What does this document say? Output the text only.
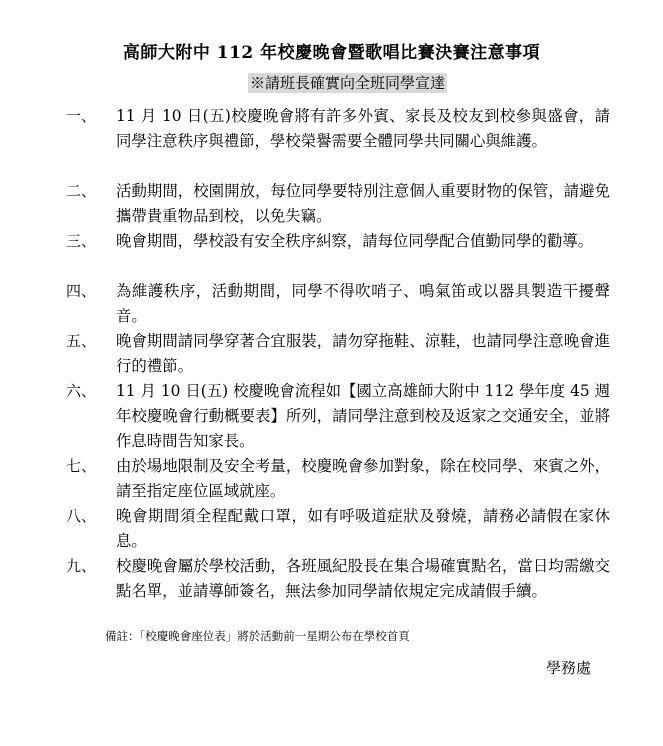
高師大附中 112 年校慶晚會暨歌唱比賽決賽注意事項
※請班長確實向全班同學宣達
一、 11 月 10 日(五)校慶晚會將有許多外賓、家長及校友到校參與盛會，請同學注意秩序與禮節，學校榮譽需要全體同學共同關心與維護。
二、 活動期間，校園開放，每位同學要特別注意個人重要財物的保管，請避免攜帶貴重物品到校，以免失竊。
三、 晚會期間，學校設有安全秩序糾察，請每位同學配合值勤同學的勸導。
四、 為維護秩序，活動期間，同學不得吹哨子、鳴氣笛或以器具製造干擾聲音。
五、 晚會期間請同學穿著合宜服裝，請勿穿拖鞋、涼鞋，也請同學注意晚會進行的禮節。
六、 11 月 10 日(五) 校慶晚會流程如【國立高雄師大附中 112 學年度 45 週年校慶晚會行動概要表】所列，請同學注意到校及返家之交通安全，並將作息時間告知家長。
七、 由於場地限制及安全考量，校慶晚會參加對象，除在校同學、來賓之外，請至指定座位區域就座。
八、 晚會期間須全程配戴口罩，如有呼吸道症狀及發燒，請務必請假在家休息。
九、 校慶晚會屬於學校活動，各班風紀股長在集合場確實點名，當日均需繳交點名單，並請導師簽名，無法參加同學請依規定完成請假手續。
備註：「校慶晚會座位表」將於活動前一星期公布在學校首頁
學務處
